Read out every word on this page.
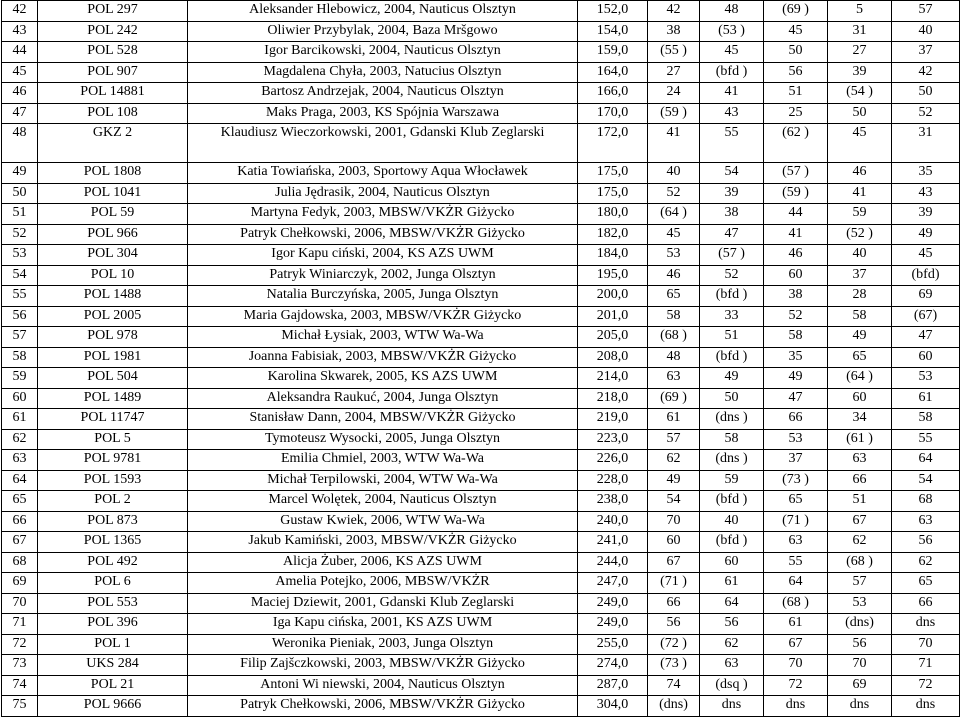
42	POL 297	Aleksander Hlebowicz, 2004, Nauticus Olsztyn	152,0	42	48	(69 )	5	57
43	POL 242	Oliwier Przybylak, 2004, Baza Mršgowo	154,0	38	(53 )	45	31	40
44	POL 528	Igor Barcikowski, 2004, Nauticus Olsztyn	159,0	(55 )	45	50	27	37
45	POL 907	Magdalena Chyła, 2003, Natucius Olsztyn	164,0	27	(bfd )	56	39	42
46	POL 14881	Bartosz Andrzejak, 2004, Nauticus Olsztyn	166,0	24	41	51	(54 )	50
47	POL 108	Maks Praga, 2003, KS Spójnia Warszawa	170,0	(59 )	43	25	50	52
48	GKZ 2	Klaudiusz Wieczorkowski, 2001, Gdanski Klub Zeglarski	172,0	41	55	(62 )	45	31
49	POL 1808	Katia Towiańska, 2003, Sportowy Aqua Włocławek	175,0	40	54	(57 )	46	35
50	POL 1041	Julia Jędrasik, 2004, Nauticus Olsztyn	175,0	52	39	(59 )	41	43
51	POL 59	Martyna Fedyk, 2003, MBSW/VKŻR Giżycko	180,0	(64 )	38	44	59	39
52	POL 966	Patryk Chełkowski, 2006, MBSW/VKŻR Giżycko	182,0	45	47	41	(52 )	49
53	POL 304	Igor Kapu ciński, 2004, KS AZS UWM	184,0	53	(57 )	46	40	45
54	POL 10	Patryk Winiarczyk, 2002, Junga Olsztyn	195,0	46	52	60	37	(bfd)
55	POL 1488	Natalia Burczyńska, 2005, Junga Olsztyn	200,0	65	(bfd )	38	28	69
56	POL 2005	Maria Gajdowska, 2003, MBSW/VKŻR Giżycko	201,0	58	33	52	58	(67)
57	POL 978	Michał Łysiak, 2003, WTW Wa-Wa	205,0	(68 )	51	58	49	47
58	POL 1981	Joanna Fabisiak, 2003, MBSW/VKŻR Giżycko	208,0	48	(bfd )	35	65	60
59	POL 504	Karolina Skwarek, 2005, KS AZS UWM	214,0	63	49	49	(64 )	53
60	POL 1489	Aleksandra Raukuć, 2004, Junga Olsztyn	218,0	(69 )	50	47	60	61
61	POL 11747	Stanisław Dann, 2004, MBSW/VKŻR Giżycko	219,0	61	(dns )	66	34	58
62	POL 5	Tymoteusz Wysocki, 2005, Junga Olsztyn	223,0	57	58	53	(61 )	55
63	POL 9781	Emilia Chmiel, 2003, WTW Wa-Wa	226,0	62	(dns )	37	63	64
64	POL 1593	Michał Terpilowski, 2004, WTW Wa-Wa	228,0	49	59	(73 )	66	54
65	POL 2	Marcel Wolętek, 2004, Nauticus Olsztyn	238,0	54	(bfd )	65	51	68
66	POL 873	Gustaw Kwiek, 2006, WTW Wa-Wa	240,0	70	40	(71 )	67	63
67	POL 1365	Jakub Kamiński, 2003, MBSW/VKŻR Giżycko	241,0	60	(bfd )	63	62	56
68	POL 492	Alicja Żuber, 2006, KS AZS UWM	244,0	67	60	55	(68 )	62
69	POL 6	Amelia Potejko, 2006, MBSW/VKŻR	247,0	(71 )	61	64	57	65
70	POL 553	Maciej Dziewit, 2001, Gdanski Klub Zeglarski	249,0	66	64	(68 )	53	66
71	POL 396	Iga Kapu cińska, 2001, KS AZS UWM	249,0	56	56	61	(dns)	dns
72	POL 1	Weronika Pieniak, 2003, Junga Olsztyn	255,0	(72 )	62	67	56	70
73	UKS 284	Filip Zajšczkowski, 2003, MBSW/VKŻR Giżycko	274,0	(73 )	63	70	70	71
74	POL 21	Antoni Wi niewski, 2004, Nauticus Olsztyn	287,0	74	(dsq )	72	69	72
75	POL 9666	Patryk Chełkowski, 2006, MBSW/VKŻR Giżycko	304,0	(dns)	dns	dns	dns	dns
